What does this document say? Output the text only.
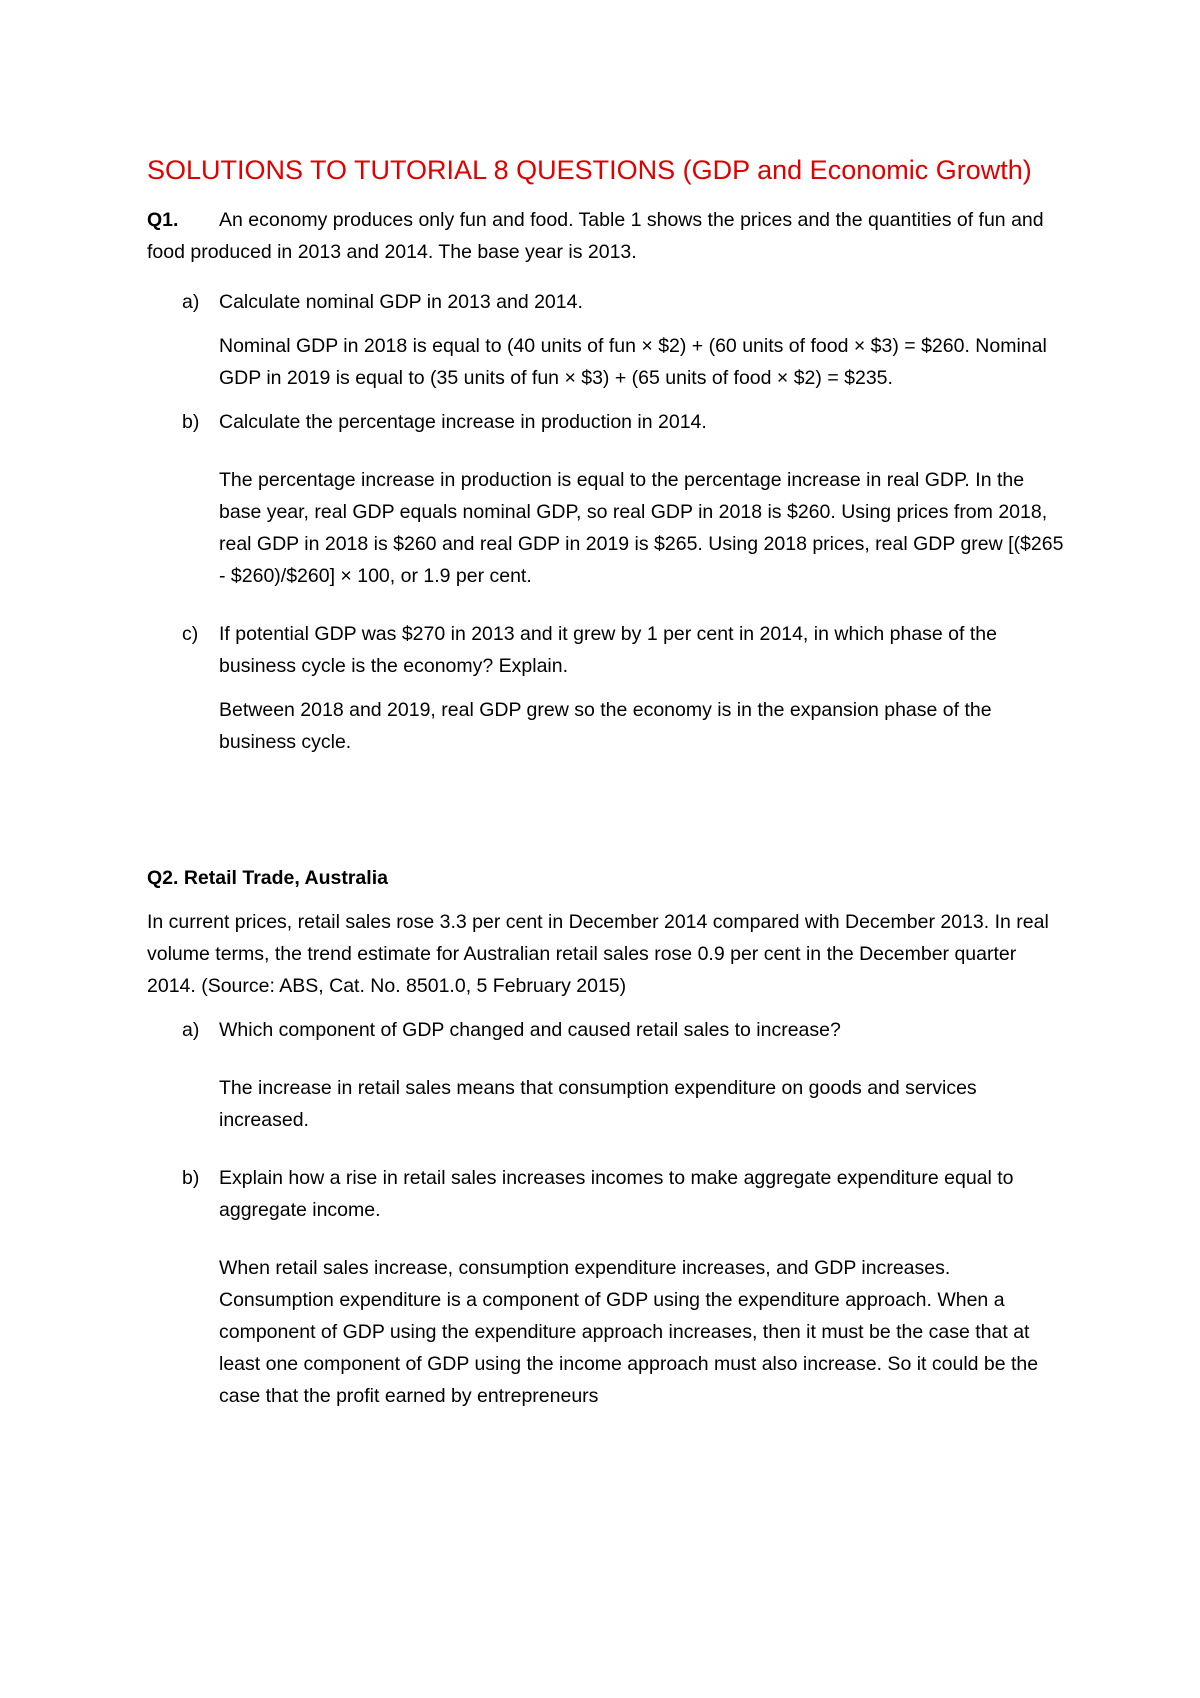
SOLUTIONS TO TUTORIAL 8 QUESTIONS (GDP and Economic Growth)

Q1. An economy produces only fun and food. Table 1 shows the prices and the quantities of fun and food produced in 2013 and 2014. The base year is 2013.

a) Calculate nominal GDP in 2013 and 2014.
Nominal GDP in 2018 is equal to (40 units of fun × $2) + (60 units of food × $3) = $260. Nominal GDP in 2019 is equal to (35 units of fun × $3) + (65 units of food × $2) = $235.
b) Calculate the percentage increase in production in 2014.
The percentage increase in production is equal to the percentage increase in real GDP. In the base year, real GDP equals nominal GDP, so real GDP in 2018 is $260. Using prices from 2018, real GDP in 2018 is $260 and real GDP in 2019 is $265. Using 2018 prices, real GDP grew [($265 - $260)/$260] × 100, or 1.9 per cent.
c) If potential GDP was $270 in 2013 and it grew by 1 per cent in 2014, in which phase of the business cycle is the economy? Explain.
Between 2018 and 2019, real GDP grew so the economy is in the expansion phase of the business cycle.

Q2. Retail Trade, Australia

In current prices, retail sales rose 3.3 per cent in December 2014 compared with December 2013. In real volume terms, the trend estimate for Australian retail sales rose 0.9 per cent in the December quarter 2014. (Source: ABS, Cat. No. 8501.0, 5 February 2015)

a) Which component of GDP changed and caused retail sales to increase?
The increase in retail sales means that consumption expenditure on goods and services increased.
b) Explain how a rise in retail sales increases incomes to make aggregate expenditure equal to aggregate income.
When retail sales increase, consumption expenditure increases, and GDP increases. Consumption expenditure is a component of GDP using the expenditure approach. When a component of GDP using the expenditure approach increases, then it must be the case that at least one component of GDP using the income approach must also increase. So it could be the case that the profit earned by entrepreneurs
